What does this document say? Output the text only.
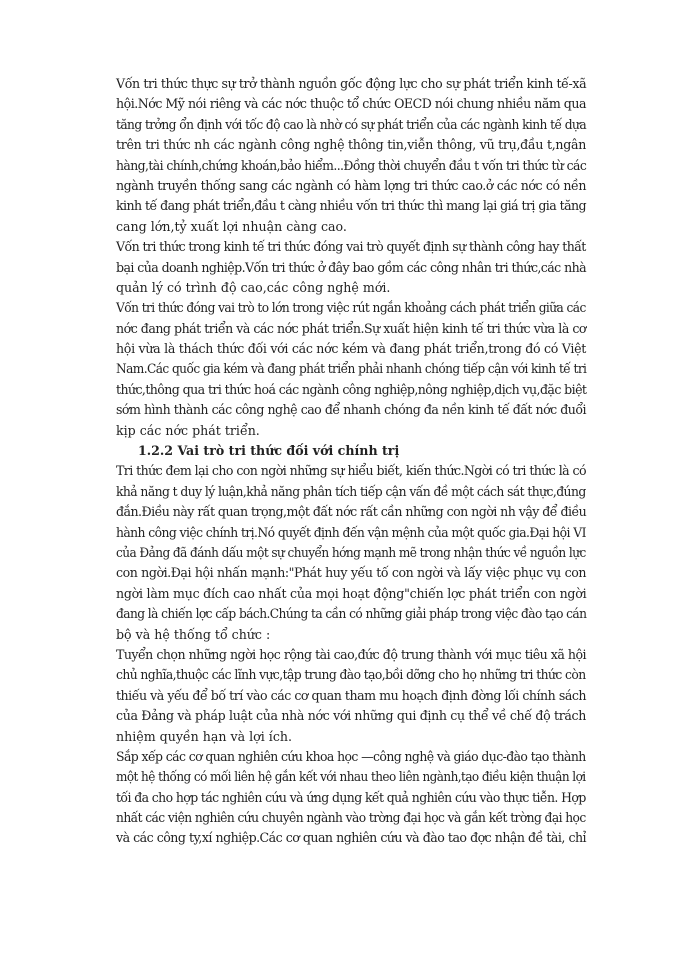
Vốn tri thức thực sự trở thành nguồn gốc động lực cho sự phát triển kinh tế-xã
hội.Nớc Mỹ nói riêng và các nớc thuộc tổ chức OECD nói chung nhiều năm qua
tăng trởng ổn định với tốc độ cao là nhờ có sự phát triển của các ngành kinh tế dựa
trên tri thức nh các ngành công nghệ thông tin,viễn thông, vũ trụ,đầu t,ngân
hàng,tài chính,chứng khoán,bảo hiểm...Đồng thời chuyển đầu t vốn tri thức từ các
ngành truyền thống sang các ngành có hàm lợng tri thức cao.ở các nớc có nền
kinh tế đang phát triển,đầu t càng nhiều vốn tri thức thì mang lại giá trị gia tăng
cang lớn,tỷ xuất lợi nhuận càng cao.
Vốn tri thức trong kinh tế tri thức đóng vai trò quyết định sự thành công hay thất
bại của doanh nghiệp.Vốn tri thức ở đây bao gồm các công nhân tri thức,các nhà
quản lý có trình độ cao,các công nghệ mới.
Vốn tri thức đóng vai trò to lớn trong việc rút ngắn khoảng cách phát triển giữa các
nớc đang phát triển và các nớc phát triển.Sự xuất hiện kinh tế tri thức vừa là cơ
hội vừa là thách thức đối với các nớc kém và đang phát triển,trong đó có Việt
Nam.Các quốc gia kém và đang phát triển phải nhanh chóng tiếp cận với kinh tế tri
thức,thông qua tri thức hoá các ngành công nghiệp,nông nghiệp,dịch vụ,đặc biệt
sớm hình thành các công nghệ cao để nhanh chóng đa nền kinh tế đất nớc đuổi
kịp các nớc phát triển.
1.2.2 Vai trò tri thức đối với chính trị
Tri thức đem lại cho con ngời những sự hiểu biết, kiến thức.Ngời có tri thức là có
khả năng t duy lý luận,khả năng phân tích tiếp cận vấn đề một cách sát thực,đúng
đắn.Điều này rất quan trọng,một đất nớc rất cần những con ngời nh vậy để điều
hành công việc chính trị.Nó quyết định đến vận mệnh của một quốc gia.Đại hội VI
của Đảng đã đánh dấu một sự chuyển hớng mạnh mẽ trong nhận thức về nguồn lực
con ngời.Đại hội nhấn mạnh:"Phát huy yếu tố con ngời và lấy việc phục vụ con
ngời làm mục đích cao nhất của mọi hoạt động"chiến lợc phát triển con ngời
đang là chiến lợc cấp bách.Chúng ta cần có những giải pháp trong việc đào tạo cán
bộ và hệ thống tổ chức :
Tuyển chọn những ngời học rộng tài cao,đức độ trung thành với mục tiêu xã hội
chủ nghĩa,thuộc các lĩnh vực,tập trung đào tạo,bồi dỡng cho họ những tri thức còn
thiếu và yếu để bố trí vào các cơ quan tham mu hoạch định đờng lối chính sách
của Đảng và pháp luật của nhà nớc với những qui định cụ thể về chế độ trách
nhiệm quyền hạn và lợi ích.
Sắp xếp các cơ quan nghiên cứu khoa học —công nghệ và giáo dục-đào tạo thành
một hệ thống có mối liên hệ gắn kết với nhau theo liên ngành,tạo điều kiện thuận lợi
tối đa cho hợp tác nghiên cứu và ứng dụng kết quả nghiên cứu vào thực tiễn. Hợp
nhất các viện nghiên cứu chuyên ngành vào trờng đại học và gắn kết trờng đại học
và các công ty,xí nghiệp.Các cơ quan nghiên cứu và đào tao đợc nhận đề tài, chỉ
